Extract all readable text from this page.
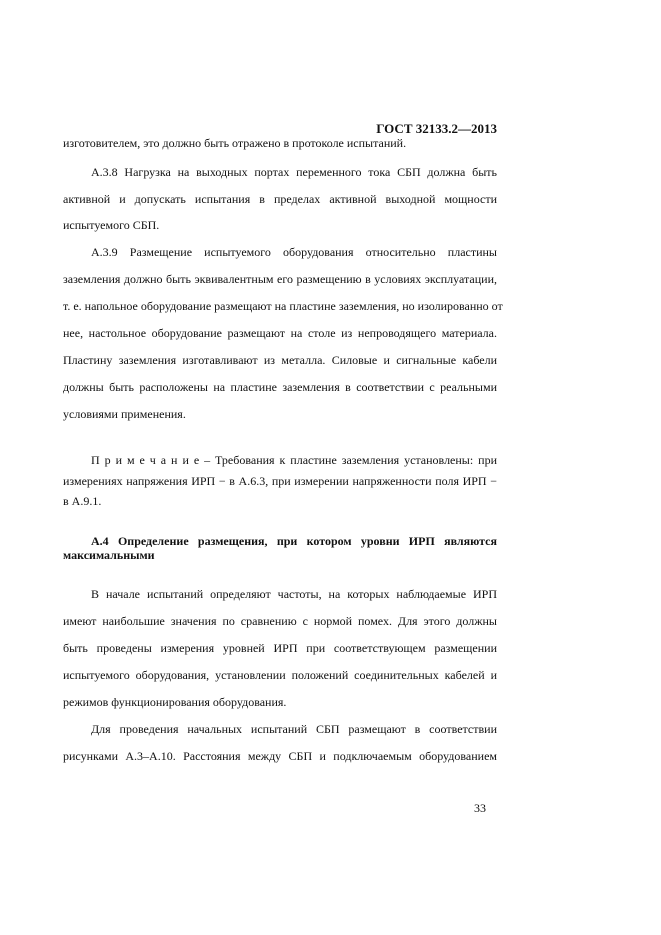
ГОСТ 32133.2—2013
изготовителем, это должно быть отражено в протоколе испытаний.
А.3.8 Нагрузка на выходных портах переменного тока СБП должна быть
активной и допускать испытания в пределах активной выходной мощности
испытуемого СБП.
А.3.9 Размещение испытуемого оборудования относительно пластины
заземления должно быть эквивалентным его размещению в условиях эксплуатации,
т. е. напольное оборудование размещают на пластине заземления, но изолированно от
нее, настольное оборудование размещают на столе из непроводящего материала.
Пластину заземления изготавливают из металла. Силовые и сигнальные кабели
должны быть расположены на пластине заземления в соответствии с реальными
условиями применения.
П р и м е ч а н и е – Требования к пластине заземления установлены: при
измерениях напряжения ИРП − в А.6.3, при измерении напряженности поля ИРП −
в А.9.1.
А.4 Определение размещения, при котором уровни ИРП являются
максимальными
В начале испытаний определяют частоты, на которых наблюдаемые ИРП
имеют наибольшие значения по сравнению с нормой помех. Для этого должны
быть проведены измерения уровней ИРП при соответствующем размещении
испытуемого оборудования, установлении положений соединительных кабелей и
режимов функционирования оборудования.
Для проведения начальных испытаний СБП размещают в соответствии
рисунками А.3–А.10. Расстояния между СБП и подключаемым оборудованием
33
